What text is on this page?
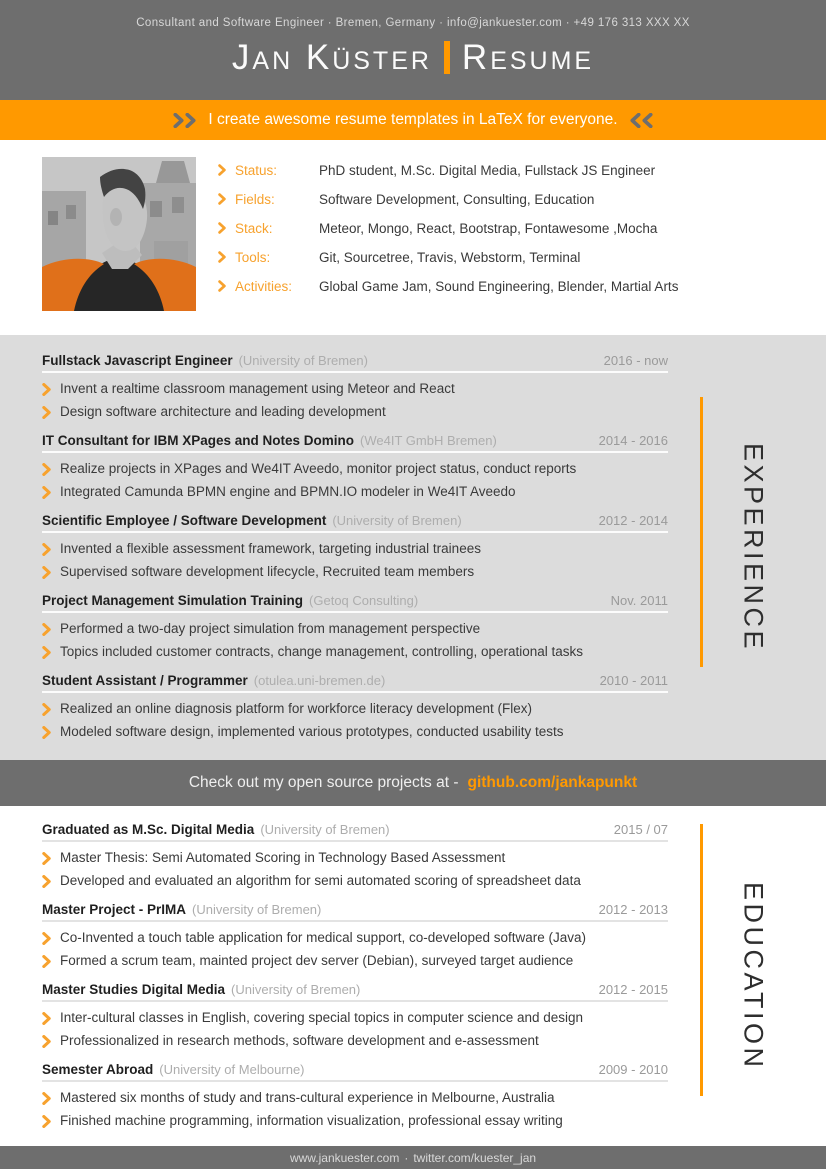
Consultant and Software Engineer · Bremen, Germany · info@jankuester.com · +49 176 313 XXX XX
Jan Küster Resume
I create awesome resume templates in LaTeX for everyone.
Status:	PhD student, M.Sc. Digital Media, Fullstack JS Engineer
Fields:	Software Development, Consulting, Education
Stack:	Meteor, Mongo, React, Bootstrap, Fontawesome ,Mocha
Tools:	Git, Sourcetree, Travis, Webstorm, Terminal
Activities:	Global Game Jam, Sound Engineering, Blender, Martial Arts
Fullstack Javascript Engineer (University of Bremen)	2016 - now
Invent a realtime classroom management using Meteor and React
Design software architecture and leading development
IT Consultant for IBM XPages and Notes Domino (We4IT GmbH Bremen)	2014 - 2016
Realize projects in XPages and We4IT Aveedo, monitor project status, conduct reports
Integrated Camunda BPMN engine and BPMN.IO modeler in We4IT Aveedo
Scientific Employee / Software Development (University of Bremen)	2012 - 2014
Invented a flexible assessment framework, targeting industrial trainees
Supervised software development lifecycle, Recruited team members
Project Management Simulation Training (Getoq Consulting)	Nov. 2011
Performed a two-day project simulation from management perspective
Topics included customer contracts, change management, controlling, operational tasks
Student Assistant / Programmer (otulea.uni-bremen.de)	2010 - 2011
Realized an online diagnosis platform for workforce literacy development (Flex)
Modeled software design, implemented various prototypes, conducted usability tests
EXPERIENCE
Check out my open source projects at - github.com/jankapunkt
Graduated as M.Sc. Digital Media (University of Bremen)	2015 / 07
Master Thesis: Semi Automated Scoring in Technology Based Assessment
Developed and evaluated an algorithm for semi automated scoring of spreadsheet data
Master Project - PrIMA (University of Bremen)	2012 - 2013
Co-Invented a touch table application for medical support, co-developed software (Java)
Formed a scrum team, mainted project dev server (Debian), surveyed target audience
Master Studies Digital Media (University of Bremen)	2012 - 2015
Inter-cultural classes in English, covering special topics in computer science and design
Professionalized in research methods, software development and e-assessment
Semester Abroad (University of Melbourne)	2009 - 2010
Mastered six months of study and trans-cultural experience in Melbourne, Australia
Finished machine programming, information visualization, professional essay writing
EDUCATION
www.jankuester.com · twitter.com/kuester_jan
